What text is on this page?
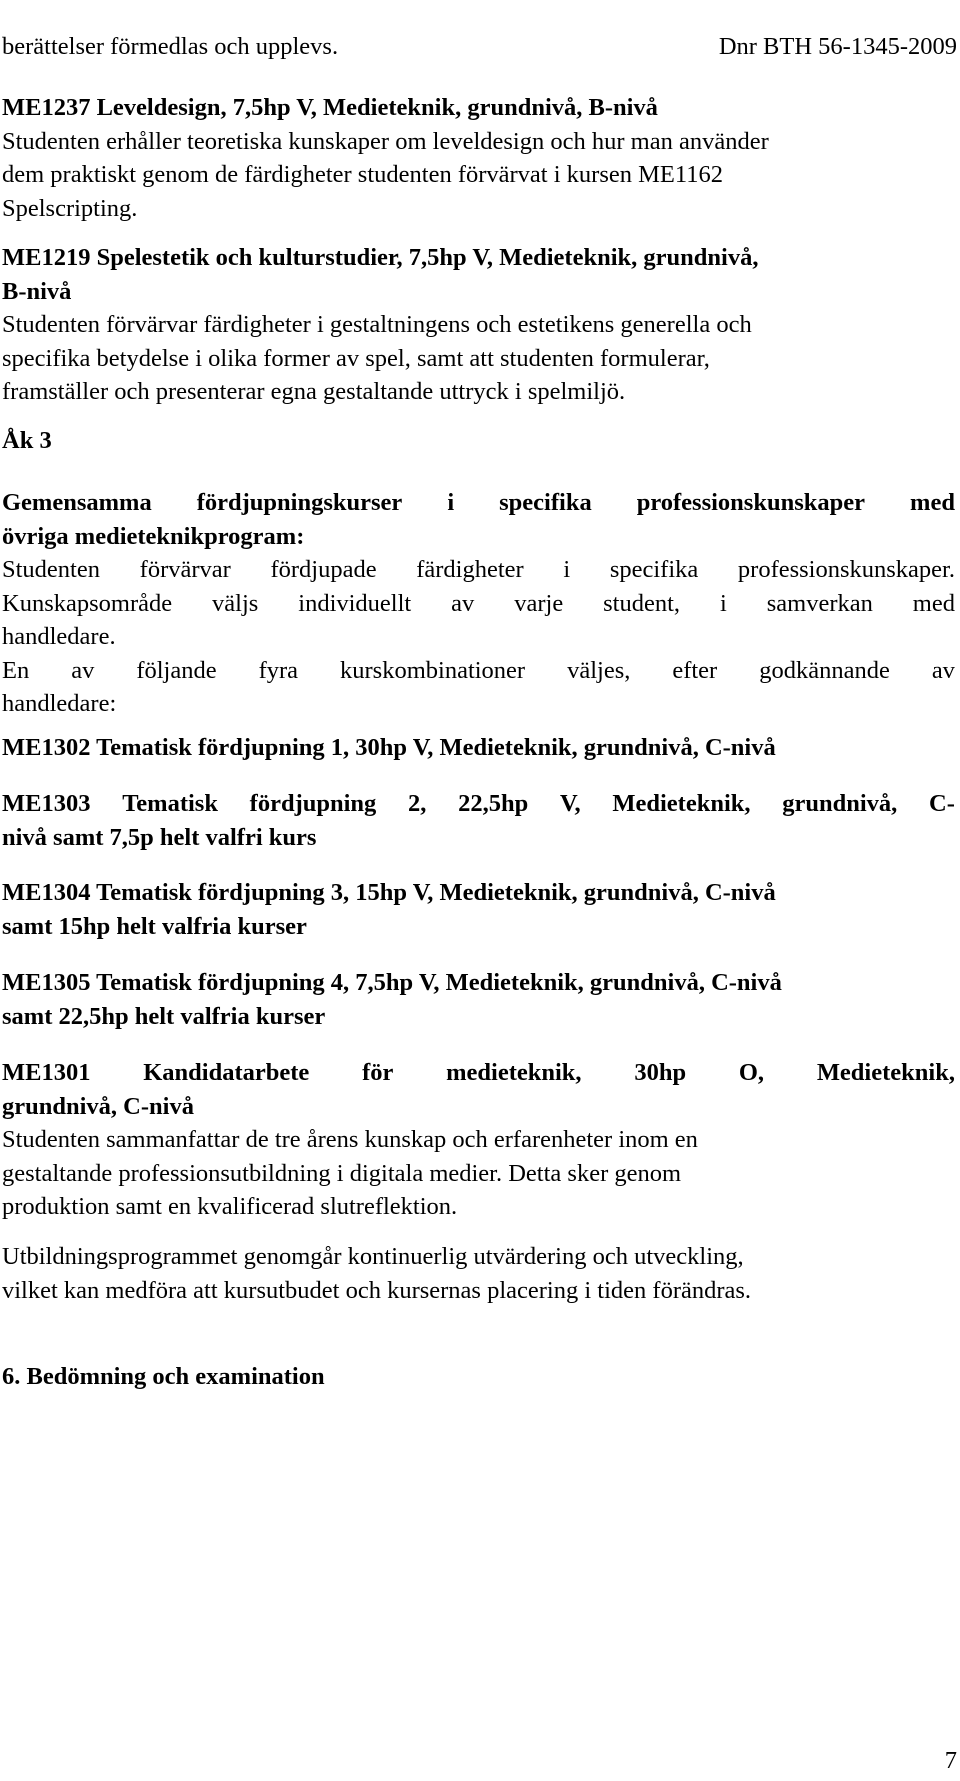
berättelser förmedlas och upplevs.	Dnr BTH 56-1345-2009
ME1237 Leveldesign, 7,5hp V, Medieteknik, grundnivå, B-nivå
Studenten erhåller teoretiska kunskaper om leveldesign och hur man använder
dem praktiskt genom de färdigheter studenten förvärvat i kursen ME1162
Spelscripting.
ME1219 Spelestetik och kulturstudier, 7,5hp V, Medieteknik, grundnivå,
B-nivå
Studenten förvärvar färdigheter i gestaltningens och estetikens generella och
specifika betydelse i olika former av spel, samt att studenten formulerar,
framställer och presenterar egna gestaltande uttryck i spelmiljö.
Åk 3
Gemensamma fördjupningskurser i specifika professionskunskaper med
övriga medieteknikprogram:
Studenten förvärvar fördjupade färdigheter i specifika professionskunskaper.
Kunskapsområde väljs individuellt av varje student, i samverkan med
handledare.
En av följande fyra kurskombinationer väljes, efter godkännande av
handledare:
ME1302 Tematisk fördjupning 1, 30hp V, Medieteknik, grundnivå, C-nivå
ME1303 Tematisk fördjupning 2, 22,5hp V, Medieteknik, grundnivå, C-
nivå samt 7,5p helt valfri kurs
ME1304 Tematisk fördjupning 3, 15hp V, Medieteknik, grundnivå, C-nivå
samt 15hp helt valfria kurser
ME1305 Tematisk fördjupning 4, 7,5hp V, Medieteknik, grundnivå, C-nivå
samt 22,5hp helt valfria kurser
ME1301 Kandidatarbete för medieteknik, 30hp O, Medieteknik,
grundnivå, C-nivå
Studenten sammanfattar de tre årens kunskap och erfarenheter inom en
gestaltande professionsutbildning i digitala medier. Detta sker genom
produktion samt en kvalificerad slutreflektion.
Utbildningsprogrammet genomgår kontinuerlig utvärdering och utveckling,
vilket kan medföra att kursutbudet och kursernas placering i tiden förändras.
6. Bedömning och examination
7
